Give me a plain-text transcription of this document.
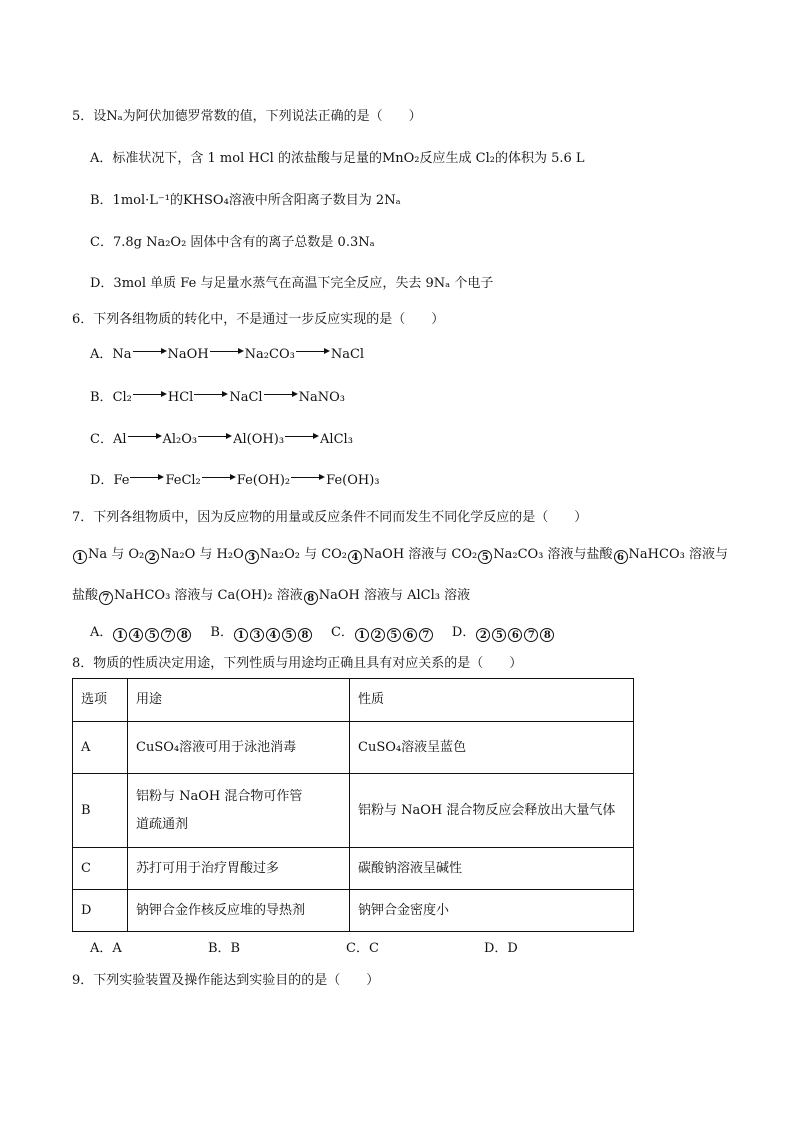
5．设Nₐ为阿伏加德罗常数的值，下列说法正确的是（　　）
A．标准状况下，含 1 mol HCl 的浓盐酸与足量的MnO₂反应生成 Cl₂的体积为 5.6 L
B．1mol·L⁻¹的KHSO₄溶液中所含阳离子数目为 2Nₐ
C．7.8g Na₂O₂ 固体中含有的离子总数是 0.3Nₐ
D．3mol 单质 Fe 与足量水蒸气在高温下完全反应，失去 9Nₐ 个电子
6．下列各组物质的转化中，不是通过一步反应实现的是（　　）
A．Na	NaOH	Na₂CO₃	NaCl
B．Cl₂	HCl	NaCl	NaNO₃
C．Al	Al₂O₃	Al(OH)₃	AlCl₃
D．Fe	FeCl₂	Fe(OH)₂	Fe(OH)₃
7．下列各组物质中，因为反应物的用量或反应条件不同而发生不同化学反应的是（　　）
1 Na 与 O₂ 2 Na₂O 与 H₂O 3 Na₂O₂ 与 CO₂ 4 NaOH 溶液与 CO₂ 5 Na₂CO₃ 溶液与盐酸 6 NaHCO₃ 溶液与
盐酸 7 NaHCO₃ 溶液与 Ca(OH)₂ 溶液 8 NaOH 溶液与 AlCl₃ 溶液
A． 1 4 5 7 8 B． 1 3 4 5 8 C． 1 2 5 6 7 D． 2 5 6 7 8
8．物质的性质决定用途，下列性质与用途均正确且具有对应关系的是（　　）
选项	用途	性质
A	CuSO₄溶液可用于泳池消毒	CuSO₄溶液呈蓝色
B	铝粉与 NaOH 混合物可作管道疏通剂	铝粉与 NaOH 混合物反应会释放出大量气体
C	苏打可用于治疗胃酸过多	碳酸钠溶液呈碱性
D	钠钾合金作核反应堆的导热剂	钠钾合金密度小
A．A	B．B	C．C	D．D
9．下列实验装置及操作能达到实验目的的是（　　）
